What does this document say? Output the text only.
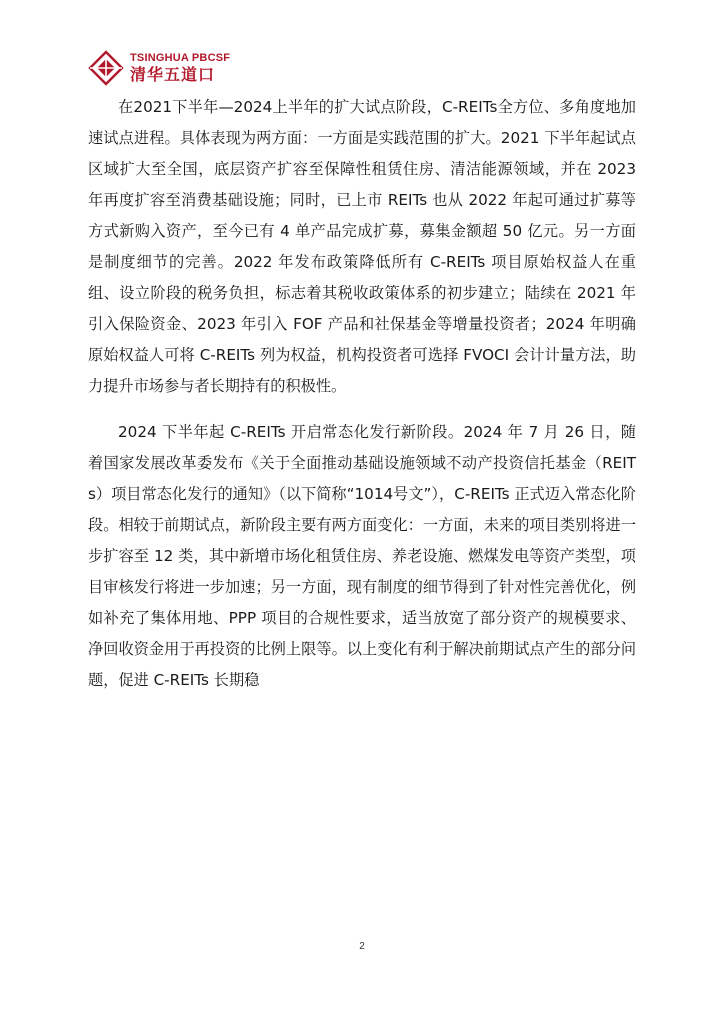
TSINGHUA PBCSF
清华五道口

在2021下半年—2024上半年的扩大试点阶段，C-REITs全方位、多角度地加速试点进程。具体表现为两方面：一方面是实践范围的扩大。2021 下半年起试点区域扩大至全国，底层资产扩容至保障性租赁住房、清洁能源领域，并在 2023 年再度扩容至消费基础设施；同时，已上市 REITs 也从 2022 年起可通过扩募等方式新购入资产，至今已有 4 单产品完成扩募，募集金额超 50 亿元。另一方面是制度细节的完善。2022 年发布政策降低所有 C-REITs 项目原始权益人在重组、设立阶段的税务负担，标志着其税收政策体系的初步建立；陆续在 2021 年引入保险资金、2023 年引入 FOF 产品和社保基金等增量投资者；2024 年明确原始权益人可将 C-REITs 列为权益，机构投资者可选择 FVOCI 会计计量方法，助力提升市场参与者长期持有的积极性。

2024 下半年起 C-REITs 开启常态化发行新阶段。2024 年 7 月 26 日，随着国家发展改革委发布《关于全面推动基础设施领域不动产投资信托基金（REITs）项目常态化发行的通知》（以下简称“1014号文”），C-REITs 正式迈入常态化阶段。相较于前期试点，新阶段主要有两方面变化：一方面，未来的项目类别将进一步扩容至 12 类，其中新增市场化租赁住房、养老设施、燃煤发电等资产类型，项目审核发行将进一步加速；另一方面，现有制度的细节得到了针对性完善优化，例如补充了集体用地、PPP 项目的合规性要求，适当放宽了部分资产的规模要求、净回收资金用于再投资的比例上限等。以上变化有利于解决前期试点产生的部分问题，促进 C-REITs 长期稳

2
